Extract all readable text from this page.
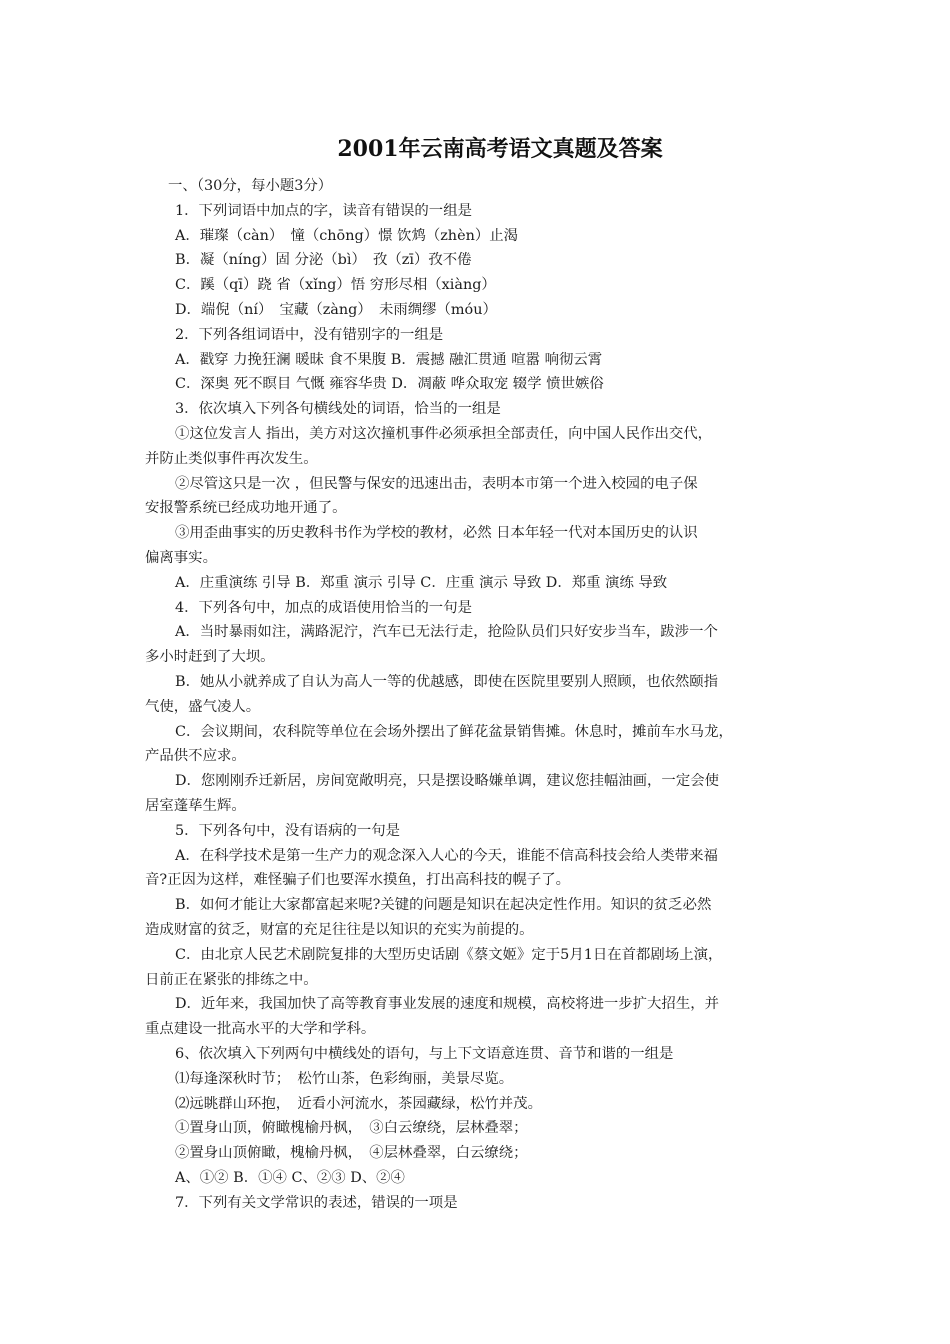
2001年云南高考语文真题及答案
一、（30分，每小题3分）
1．下列词语中加点的字，读音有错误的一组是
A．璀璨（càn）　憧（chōng）憬 饮鸩（zhèn）止渴
B．凝（níng）固 分泌（bì）　孜（zī）孜不倦
C．蹊（qī）跷 省（xǐng）悟 穷形尽相（xiàng）
D．端倪（ní）　宝藏（zàng）　未雨绸缪（móu）
2．下列各组词语中，没有错别字的一组是
A．戳穿 力挽狂澜 暖昧 食不果腹 B．震撼 融汇贯通 喧嚣 响彻云霄
C．深奥 死不瞑目 气慨 雍容华贵 D．凋蔽 哗众取宠 辍学 愤世嫉俗
3．依次填入下列各句横线处的词语，恰当的一组是
①这位发言人 指出，美方对这次撞机事件必须承担全部责任，向中国人民作出交代，
并防止类似事件再次发生。
②尽管这只是一次 ，但民警与保安的迅速出击，表明本市第一个进入校园的电子保
安报警系统已经成功地开通了。
③用歪曲事实的历史教科书作为学校的教材，必然 日本年轻一代对本国历史的认识
偏离事实。
A．庄重演练 引导 B．郑重 演示 引导 C．庄重 演示 导致 D．郑重 演练 导致
4．下列各句中，加点的成语使用恰当的一句是
A．当时暴雨如注，满路泥泞，汽车已无法行走，抢险队员们只好安步当车，跋涉一个
多小时赶到了大坝。
B．她从小就养成了自认为高人一等的优越感，即使在医院里要别人照顾，也依然颐指
气使，盛气凌人。
C．会议期间，农科院等单位在会场外摆出了鲜花盆景销售摊。休息时，摊前车水马龙，
产品供不应求。
D．您刚刚乔迁新居，房间宽敞明亮，只是摆设略嫌单调，建议您挂幅油画，一定会使
居室蓬荜生辉。
5．下列各句中，没有语病的一句是
A．在科学技术是第一生产力的观念深入人心的今天，谁能不信高科技会给人类带来福
音?正因为这样，难怪骗子们也要浑水摸鱼，打出高科技的幌子了。
B．如何才能让大家都富起来呢?关键的问题是知识在起决定性作用。知识的贫乏必然
造成财富的贫乏，财富的充足往往是以知识的充实为前提的。
C．由北京人民艺术剧院复排的大型历史话剧《蔡文姬》定于5月1日在首都剧场上演，
日前正在紧张的排练之中。
D．近年来，我国加快了高等教育事业发展的速度和规模，高校将进一步扩大招生，并
重点建设一批高水平的大学和学科。
6、依次填入下列两句中横线处的语句，与上下文语意连贯、音节和谐的一组是
⑴每逢深秋时节；　松竹山茶，色彩绚丽，美景尽览。
⑵远眺群山环抱，　近看小河流水，茶园藏绿，松竹并茂。
①置身山顶，俯瞰槐榆丹枫，　③白云缭绕，层林叠翠；
②置身山顶俯瞰，槐榆丹枫，　④层林叠翠，白云缭绕；
A、①② B．①④ C、②③ D、②④
7．下列有关文学常识的表述，错误的一项是
